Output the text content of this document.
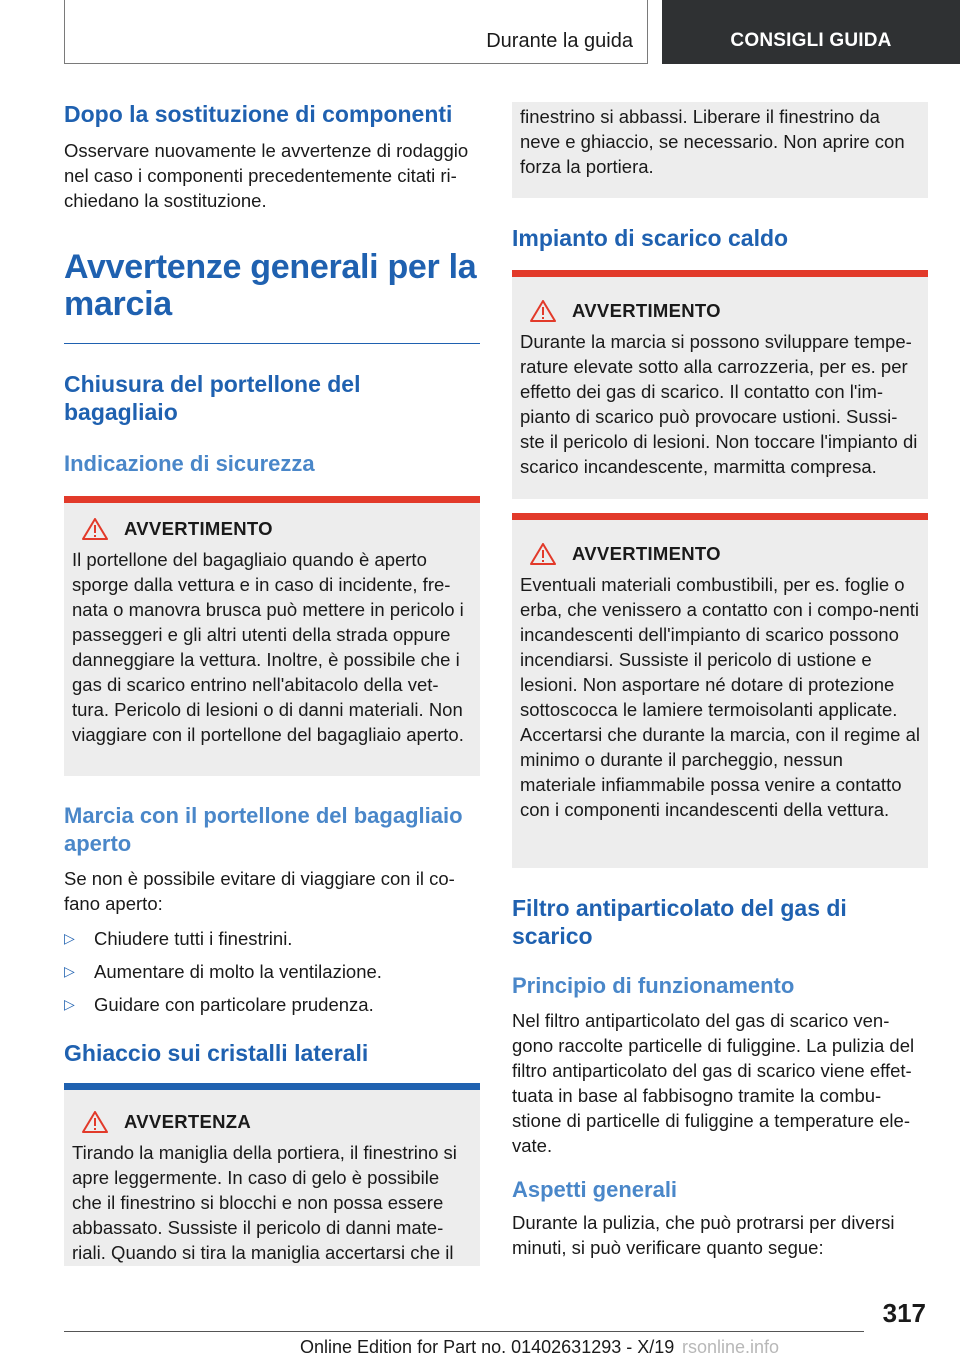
Durante la guida	CONSIGLI GUIDA
Dopo la sostituzione di componenti

Osservare nuovamente le avvertenze di rodaggio nel caso i componenti precedentemente citati ri-chiedano la sostituzione.

Avvertenze generali per la marcia
Chiusura del portellone del bagagliaio
Indicazione di sicurezza
AVVERTIMENTO

Il portellone del bagagliaio quando è aperto sporge dalla vettura e in caso di incidente, fre-nata o manovra brusca può mettere in pericolo i passeggeri e gli altri utenti della strada oppure danneggiare la vettura. Inoltre, è possibile che i gas di scarico entrino nell'abitacolo della vet-tura. Pericolo di lesioni o di danni materiali. Non viaggiare con il portellone del bagagliaio aperto.

Marcia con il portellone del bagagliaio aperto

Se non è possibile evitare di viaggiare con il co-fano aperto:

▷	Chiudere tutti i finestrini.
▷	Aumentare di molto la ventilazione.
▷	Guidare con particolare prudenza.
Ghiaccio sui cristalli laterali
AVVERTENZA

Tirando la maniglia della portiera, il finestrino si apre leggermente. In caso di gelo è possibile che il finestrino si blocchi e non possa essere abbassato. Sussiste il pericolo di danni mate-riali. Quando si tira la maniglia accertarsi che il

finestrino si abbassi. Liberare il finestrino da neve e ghiaccio, se necessario. Non aprire con forza la portiera.

Impianto di scarico caldo
AVVERTIMENTO

Durante la marcia si possono sviluppare tempe-rature elevate sotto alla carrozzeria, per es. per effetto dei gas di scarico. Il contatto con l'im-pianto di scarico può provocare ustioni. Sussi-ste il pericolo di lesioni. Non toccare l'impianto di scarico incandescente, marmitta compresa.

AVVERTIMENTO

Eventuali materiali combustibili, per es. foglie o erba, che venissero a contatto con i compo-nenti incandescenti dell'impianto di scarico possono incendiarsi. Sussiste il pericolo di ustione e lesioni. Non asportare né dotare di protezione sottoscocca le lamiere termoisolanti applicate. Accertarsi che durante la marcia, con il regime al minimo o durante il parcheggio, nessun materiale infiammabile possa venire a contatto con i componenti incandescenti della vettura.

Filtro antiparticolato del gas di scarico
Principio di funzionamento

Nel filtro antiparticolato del gas di scarico ven-gono raccolte particelle di fuliggine. La pulizia del filtro antiparticolato del gas di scarico viene effet-tuata in base al fabbisogno tramite la combu-stione di particelle di fuliggine a temperature ele-vate.

Aspetti generali

Durante la pulizia, che può protrarsi per diversi minuti, si può verificare quanto segue:

317
Online Edition for Part no. 01402631293 - X/19 rsonline.info
